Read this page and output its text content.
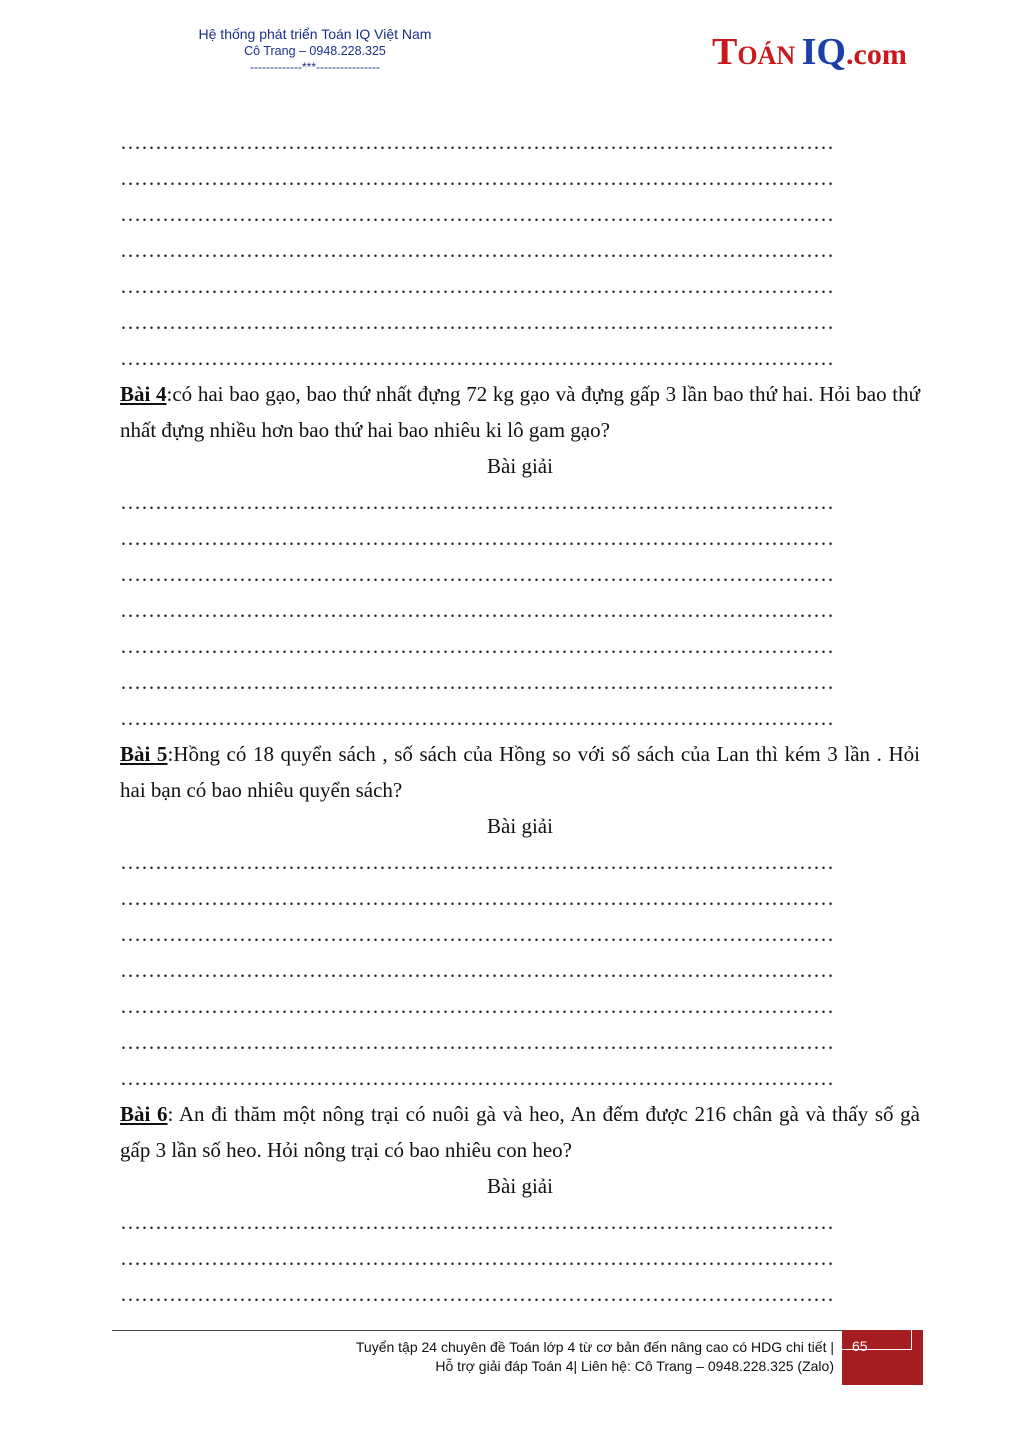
Hệ thống phát triển Toán IQ Việt Nam
Cô Trang – 0948.228.325
-------------***----------------	TOÁN IQ.com
…………………………………………………………………………………………
…………………………………………………………………………………………
…………………………………………………………………………………………
…………………………………………………………………………………………
…………………………………………………………………………………………
…………………………………………………………………………………………
…………………………………………………………………………………………
Bài 4:có hai bao gạo, bao thứ nhất đựng 72 kg gạo và đựng gấp 3 lần bao thứ hai. Hỏi bao thứ nhất đựng nhiều hơn bao thứ hai bao nhiêu ki lô gam gạo?
Bài giải
…………………………………………………………………………………………
…………………………………………………………………………………………
…………………………………………………………………………………………
…………………………………………………………………………………………
…………………………………………………………………………………………
…………………………………………………………………………………………
…………………………………………………………………………………………
Bài 5:Hồng có 18 quyển sách , số sách của Hồng so với số sách của Lan thì kém 3 lần . Hỏi hai bạn có bao nhiêu quyển sách?
Bài giải
…………………………………………………………………………………………
…………………………………………………………………………………………
…………………………………………………………………………………………
…………………………………………………………………………………………
…………………………………………………………………………………………
…………………………………………………………………………………………
…………………………………………………………………………………………
Bài 6: An đi thăm một nông trại có nuôi gà và heo, An đếm được 216 chân gà và thấy số gà gấp 3 lần số heo. Hỏi nông trại có bao nhiêu con heo?
Bài giải
…………………………………………………………………………………………
…………………………………………………………………………………………
…………………………………………………………………………………………
Tuyển tập 24 chuyên đề Toán lớp 4 từ cơ bản đến nâng cao có HDG chi tiết |
Hỗ trợ giải đáp Toán 4| Liên hệ: Cô Trang – 0948.228.325 (Zalo)
65
